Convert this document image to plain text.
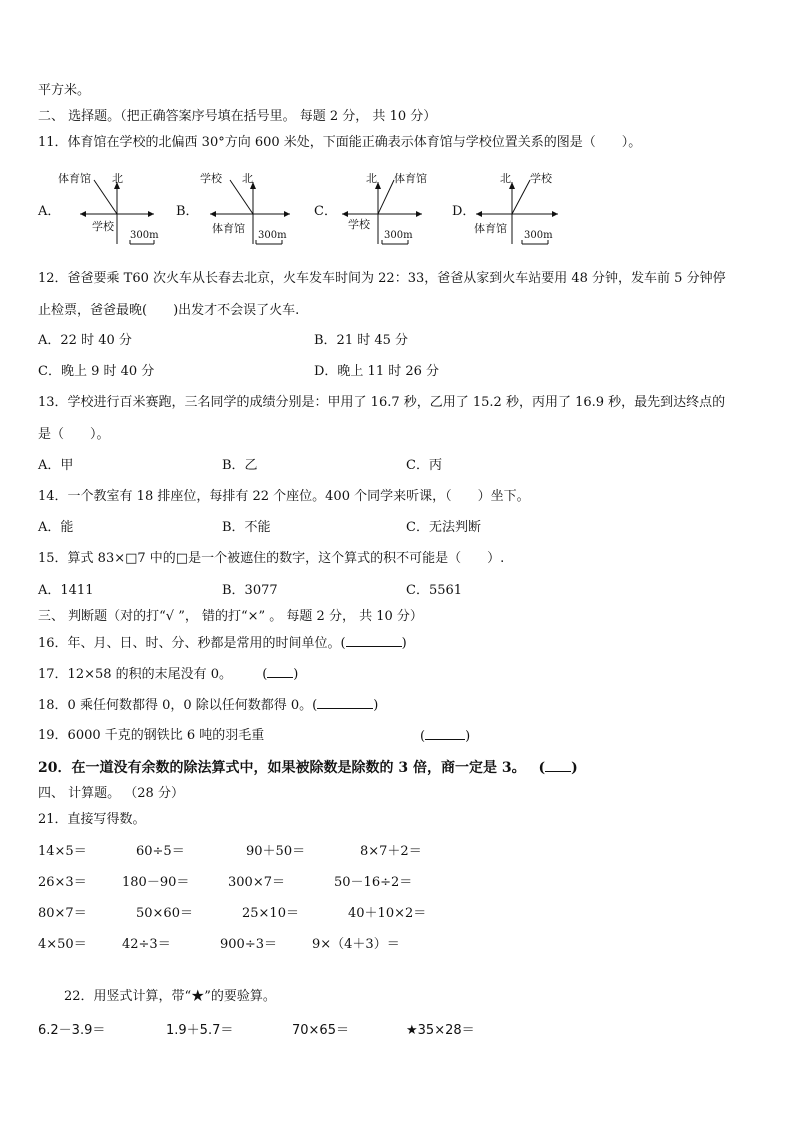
平方米。
二、 选择题。（把正确答案序号填在括号里。 每题 2 分， 共 10 分）
11．体育馆在学校的北偏西 30°方向 600 米处，下面能正确表示体育馆与学校位置关系的图是（　　）。
A．
体育馆 北
学校
300m
B．
学校 北
体育馆
300m
C．
北 体育馆
学校
300m
D．
北 学校
体育馆
300m
12．爸爸要乘 T60 次火车从长春去北京，火车发车时间为 22：33，爸爸从家到火车站要用 48 分钟，发车前 5 分钟停
止检票，爸爸最晚(　　)出发才不会误了火车.
A．22 时 40 分	B．21 时 45 分
C．晚上 9 时 40 分	D．晚上 11 时 26 分
13．学校进行百米赛跑，三名同学的成绩分别是：甲用了 16.7 秒，乙用了 15.2 秒，丙用了 16.9 秒，最先到达终点的
是（　　）。
A．甲	B．乙	C．丙
14．一个教室有 18 排座位，每排有 22 个座位。400 个同学来听课，（　　）坐下。
A．能	B．不能	C．无法判断
15．算式 83×□7 中的□是一个被遮住的数字，这个算式的积不可能是（　　）.
A．1411	B．3077	C．5561
三、 判断题（对的打“√ ”， 错的打“×” 。 每题 2 分， 共 10 分）
16．年、月、日、时、分、秒都是常用的时间单位。(	)
17．12×58 的积的末尾没有 0。 ( )
18．0 乘任何数都得 0，0 除以任何数都得 0。(	)
19．6000 千克的钢铁比 6 吨的羽毛重	(	)
20．在一道没有余数的除法算式中，如果被除数是除数的 3 倍，商一定是 3。 ( )
四、 计算题。 （28 分）
21．直接写得数。
14×5＝	60÷5＝	90＋50＝	8×7＋2＝
26×3＝	180－90＝	300×7＝	50－16÷2＝
80×7＝	50×60＝	25×10＝	40＋10×2＝
4×50＝	42÷3＝	900÷3＝	9×（4＋3）＝
22．用竖式计算，带“★”的要验算。
6.2－3.9＝	1.9＋5.7＝	70×65＝	★35×28＝
